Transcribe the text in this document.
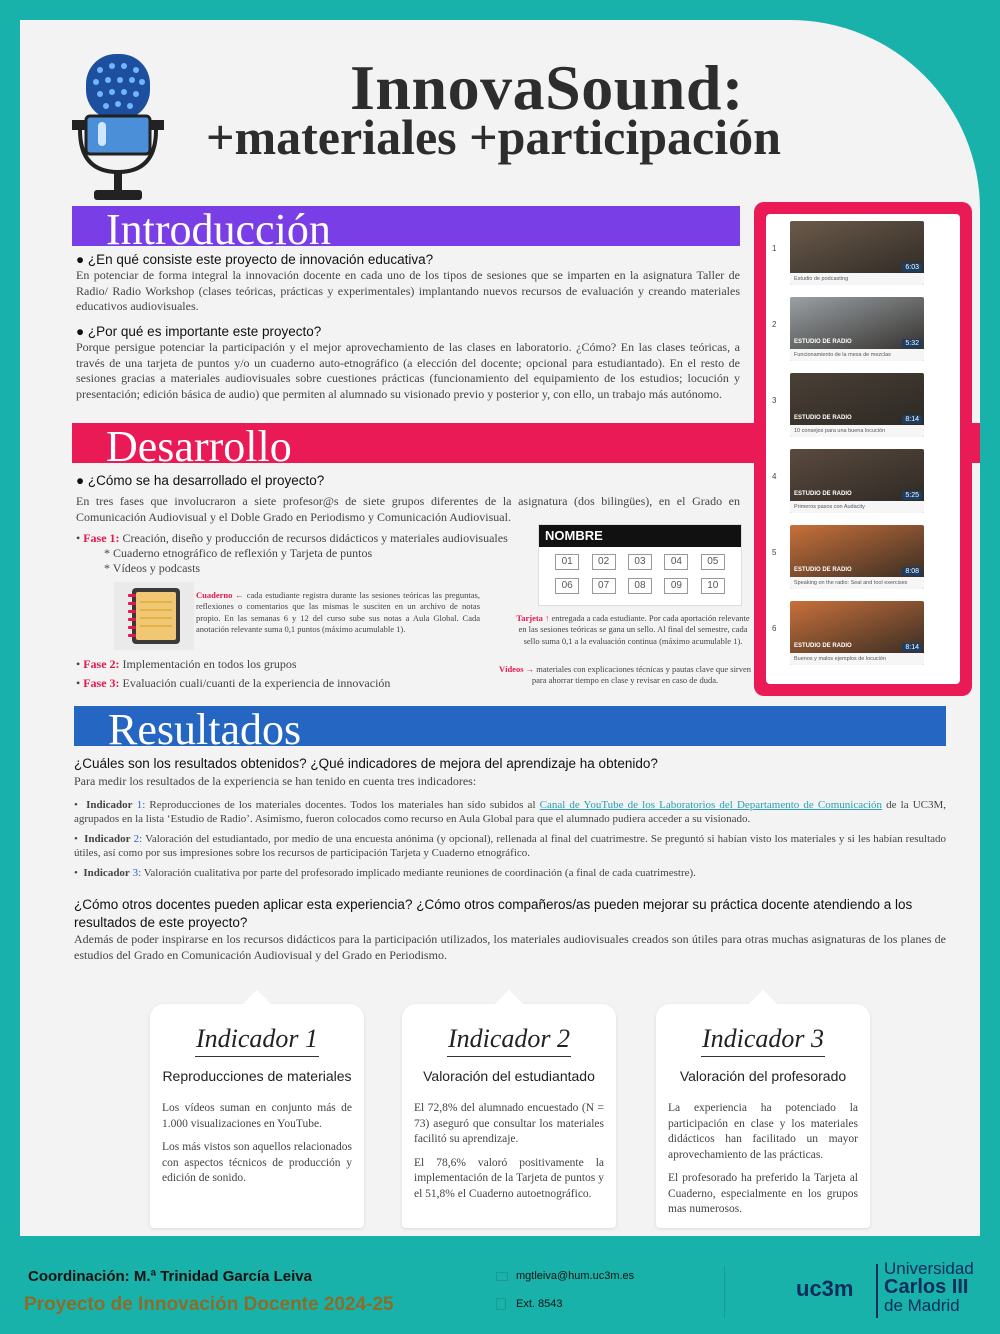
InnovaSound:
+materiales +participación
Introducción
● ¿En qué consiste este proyecto de innovación educativa?
En potenciar de forma integral la innovación docente en cada uno de los tipos de sesiones que se imparten en la asignatura Taller de Radio/ Radio Workshop (clases teóricas, prácticas y experimentales) implantando nuevos recursos de evaluación y creando materiales educativos audiovisuales.
● ¿Por qué es importante este proyecto?
Porque persigue potenciar la participación y el mejor aprovechamiento de las clases en laboratorio. ¿Cómo? En las clases teóricas, a través de una tarjeta de puntos y/o un cuaderno auto-etnográfico (a elección del docente; opcional para estudiantado). En el resto de sesiones gracias a materiales audiovisuales sobre cuestiones prácticas (funcionamiento del equipamiento de los estudios; locución y presentación; edición básica de audio) que permiten al alumnado su visionado previo y posterior y, con ello, un trabajo más autónomo.
Desarrollo
● ¿Cómo se ha desarrollado el proyecto?
En tres fases que involucraron a siete profesor@s de siete grupos diferentes de la asignatura (dos bilingües), en el Grado en Comunicación Audiovisual y el Doble Grado en Periodismo y Comunicación Audiovisual.
• Fase 1: Creación, diseño y producción de recursos didácticos y materiales audiovisuales
* Cuaderno etnográfico de reflexión y Tarjeta de puntos
* Vídeos y podcasts
Cuaderno ← cada estudiante registra durante las sesiones teóricas las preguntas, reflexiones o comentarios que las mismas le susciten en un archivo de notas propio. En las semanas 6 y 12 del curso sube sus notas a Aula Global. Cada anotación relevante suma 0,1 puntos (máximo acumulable 1).
• Fase 2: Implementación en todos los grupos
• Fase 3: Evaluación cuali/cuanti de la experiencia de innovación
NOMBRE
01	02	03	04	05
06	07	08	09	10
Tarjeta ↑ entregada a cada estudiante. Por cada aportación relevante en las sesiones teóricas se gana un sello. Al final del semestre, cada sello suma 0,1 a la evaluación continua (máximo acumulable 1).
Vídeos → materiales con explicaciones técnicas y pautas clave que sirven para ahorrar tiempo en clase y revisar en caso de duda.
1
6:03
Estudio de podcasting
2
ESTUDIO DE RADIO	5:32
Funcionamiento de la mesa de mezclas
3
ESTUDIO DE RADIO	8:14
10 consejos para una buena locución
4
ESTUDIO DE RADIO	5:25
Primeros pasos con Audacity
5
ESTUDIO DE RADIO	8:08
Speaking on the radio: Seal and tool exercises
6
ESTUDIO DE RADIO	8:14
Buenos y malos ejemplos de locución
Resultados
¿Cuáles son los resultados obtenidos? ¿Qué indicadores de mejora del aprendizaje ha obtenido?
Para medir los resultados de la experiencia se han tenido en cuenta tres indicadores:
•  Indicador 1: Reproducciones de los materiales docentes. Todos los materiales han sido subidos al Canal de YouTube de los Laboratorios del Departamento de Comunicación de la UC3M, agrupados en la lista ‘Estudio de Radio’. Asimismo, fueron colocados como recurso en Aula Global para que el alumnado pudiera acceder a su visionado.
•  Indicador 2: Valoración del estudiantado, por medio de una encuesta anónima (y opcional), rellenada al final del cuatrimestre. Se preguntó si habían visto los materiales y si les habían resultado útiles, así como por sus impresiones sobre los recursos de participación Tarjeta y Cuaderno etnográfico.
•  Indicador 3: Valoración cualitativa por parte del profesorado implicado mediante reuniones de coordinación (a final de cada cuatrimestre).
¿Cómo otros docentes pueden aplicar esta experiencia? ¿Cómo otros compañeros/as pueden mejorar su práctica docente atendiendo a los resultados de este proyecto?
Además de poder inspirarse en los recursos didácticos para la participación utilizados, los materiales audiovisuales creados son útiles para otras muchas asignaturas de los planes de estudios del Grado en Comunicación Audiovisual y del Grado en Periodismo.
Indicador 1
Reproducciones de materiales
Los vídeos suman en conjunto más de 1.000 visualizaciones en YouTube.
Los más vistos son aquellos relacionados con aspectos técnicos de producción y edición de sonido.
Indicador 2
Valoración del estudiantado
El 72,8% del alumnado encuestado (N = 73) aseguró que consultar los materiales facilitó su aprendizaje.
El 78,6% valoró positivamente la implementación de la Tarjeta de puntos y el 51,8% el Cuaderno autoetnográfico.
Indicador 3
Valoración del profesorado
La experiencia ha potenciado la participación en clase y los materiales didácticos han facilitado un mayor aprovechamiento de las prácticas.
El profesorado ha preferido la Tarjeta al Cuaderno, especialmente en los grupos mas numerosos.
Coordinación: M.ª Trinidad García Leiva
Proyecto de Innovación Docente 2024-25
mgtleiva@hum.uc3m.es
Ext. 8543
uc3m
Universidad
Carlos III
de Madrid
